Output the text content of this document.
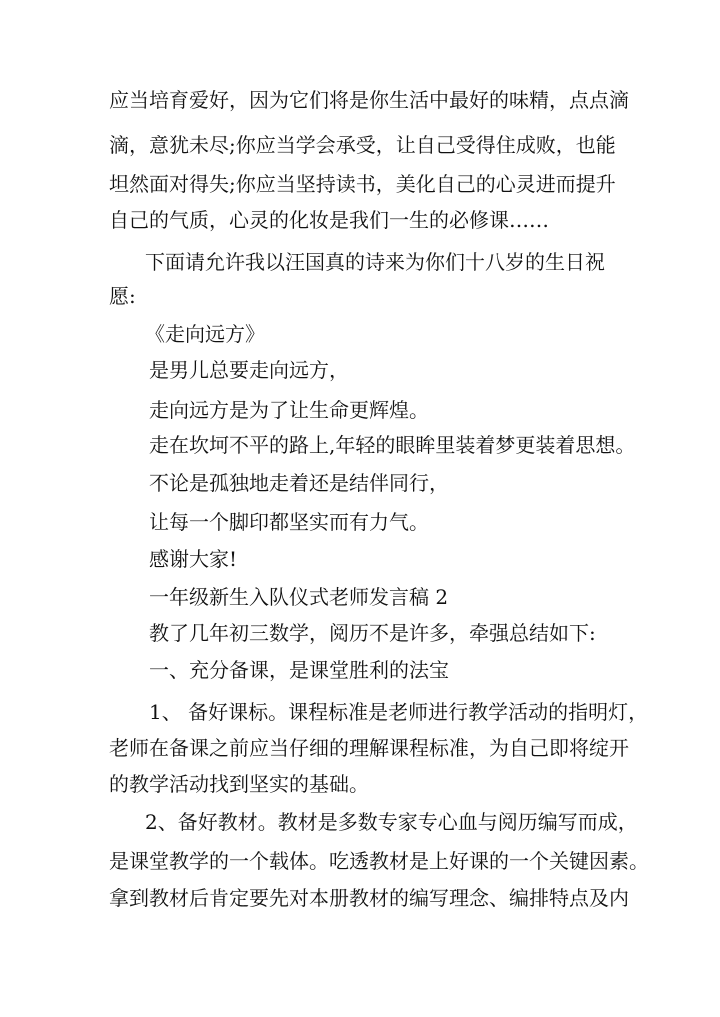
应当培育爱好，因为它们将是你生活中最好的味精，点点滴

滴，意犹未尽;你应当学会承受，让自己受得住成败，也能

坦然面对得失;你应当坚持读书，美化自己的心灵进而提升

自己的气质，心灵的化妆是我们一生的必修课……

下面请允许我以汪国真的诗来为你们十八岁的生日祝

愿:

《走向远方》

是男儿总要走向远方，

走向远方是为了让生命更辉煌。

走在坎坷不平的路上,年轻的眼眸里装着梦更装着思想。

不论是孤独地走着还是结伴同行，

让每一个脚印都坚实而有力气。

感谢大家!

一年级新生入队仪式老师发言稿 2

教了几年初三数学，阅历不是许多，牵强总结如下:

一、充分备课，是课堂胜利的法宝

1、 备好课标。课程标准是老师进行教学活动的指明灯，

老师在备课之前应当仔细的理解课程标准，为自己即将绽开

的教学活动找到坚实的基础。

2、备好教材。教材是多数专家专心血与阅历编写而成，

是课堂教学的一个载体。吃透教材是上好课的一个关键因素。

拿到教材后肯定要先对本册教材的编写理念、编排特点及内
